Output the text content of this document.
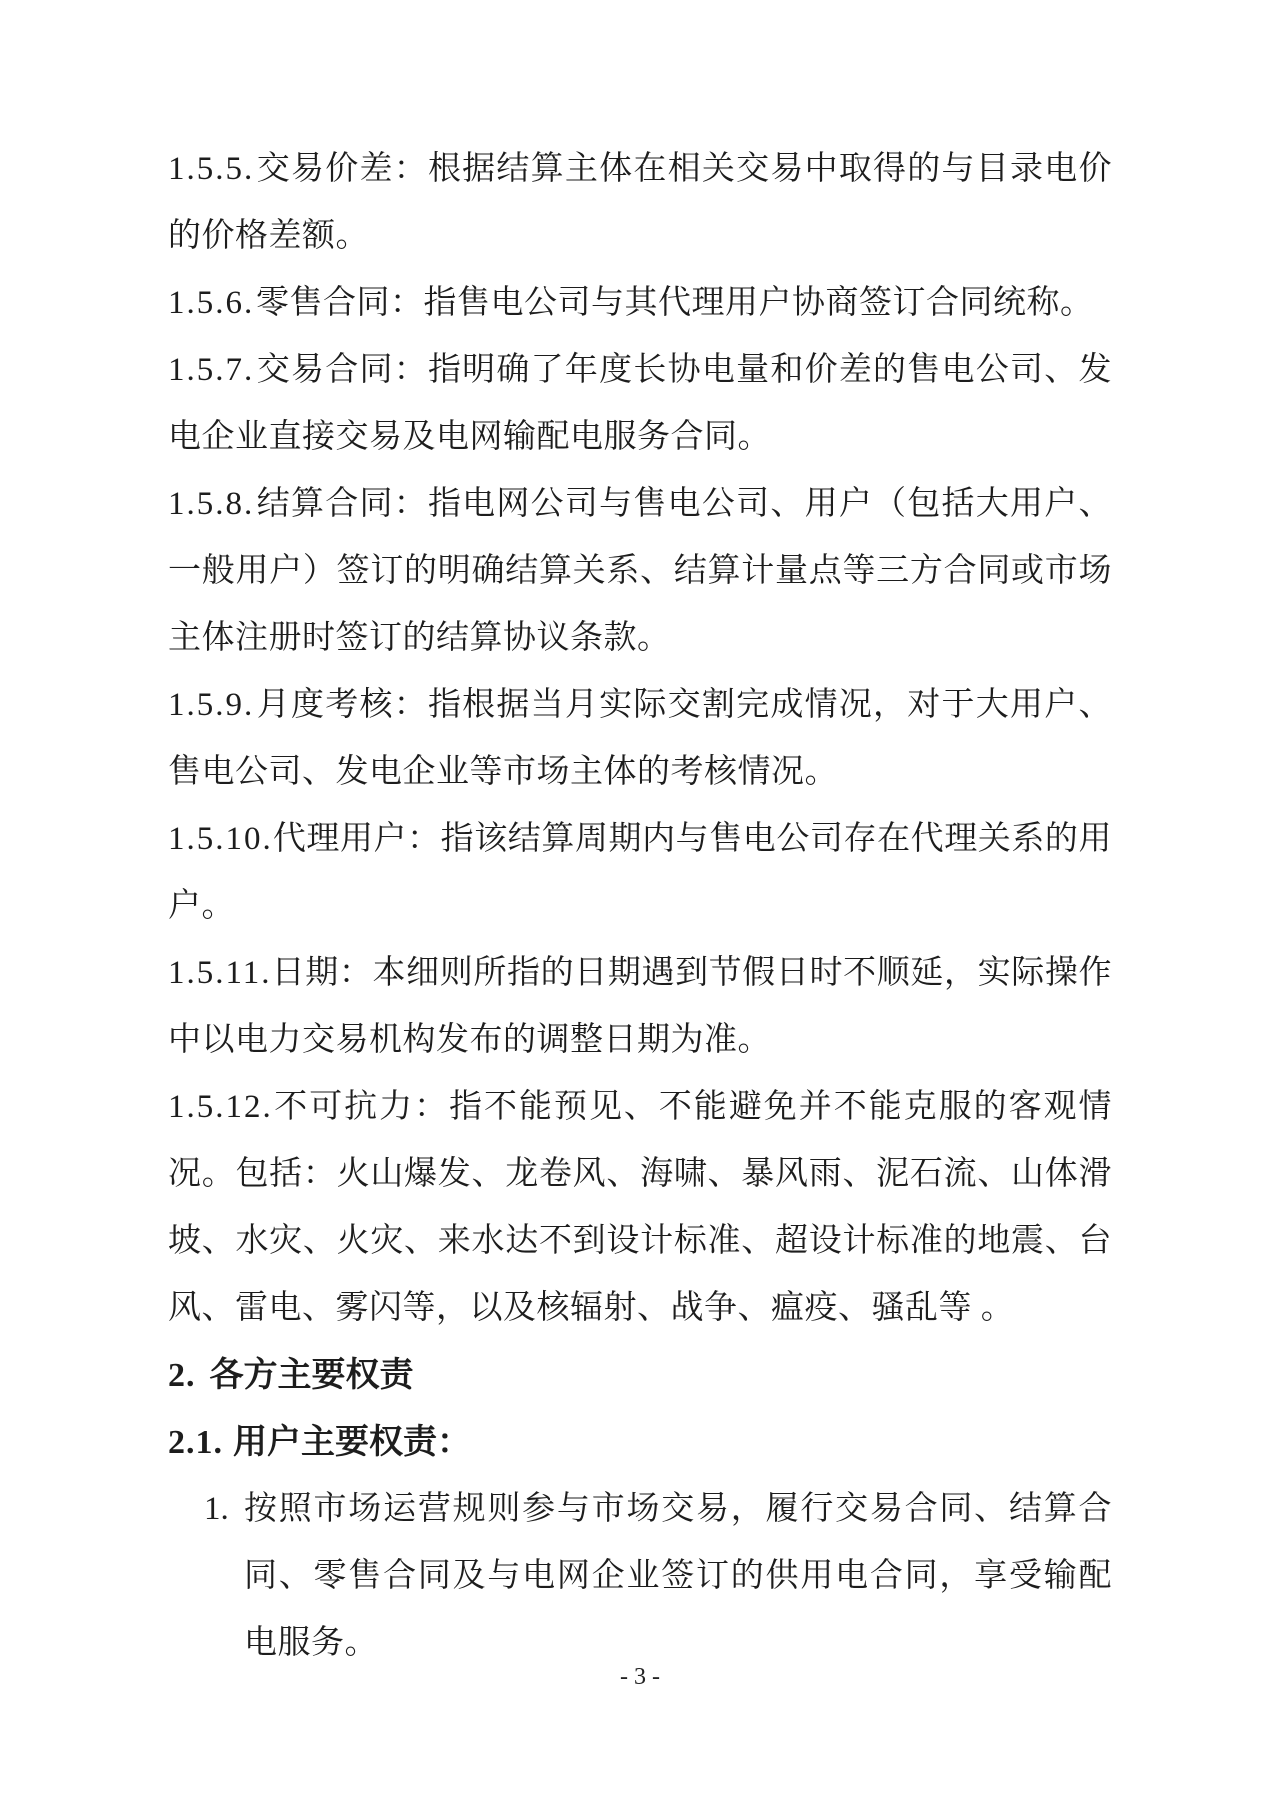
1.5.5.交易价差：根据结算主体在相关交易中取得的与目录电价的价格差额。

1.5.6.零售合同：指售电公司与其代理用户协商签订合同统称。

1.5.7.交易合同：指明确了年度长协电量和价差的售电公司、发电企业直接交易及电网输配电服务合同。

1.5.8.结算合同：指电网公司与售电公司、用户（包括大用户、一般用户）签订的明确结算关系、结算计量点等三方合同或市场主体注册时签订的结算协议条款。

1.5.9.月度考核：指根据当月实际交割完成情况，对于大用户、售电公司、发电企业等市场主体的考核情况。

1.5.10.代理用户：指该结算周期内与售电公司存在代理关系的用户。

1.5.11.日期：本细则所指的日期遇到节假日时不顺延，实际操作中以电力交易机构发布的调整日期为准。

1.5.12.不可抗力：指不能预见、不能避免并不能克服的客观情况。包括：火山爆发、龙卷风、海啸、暴风雨、泥石流、山体滑坡、水灾、火灾、来水达不到设计标准、超设计标准的地震、台风、雷电、雾闪等，以及核辐射、战争、瘟疫、骚乱等 。

2. 各方主要权责
2.1. 用户主要权责：
1. 按照市场运营规则参与市场交易，履行交易合同、结算合同、零售合同及与电网企业签订的供用电合同，享受输配电服务。
- 3 -
